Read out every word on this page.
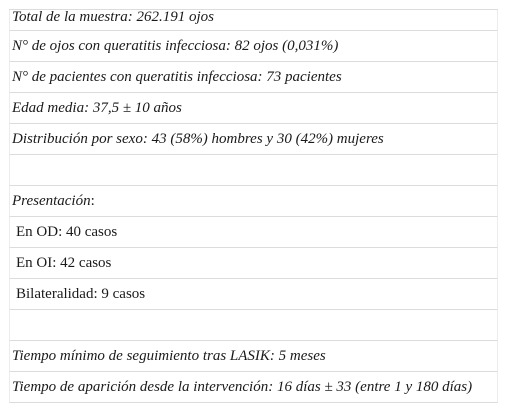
Total de la muestra: 262.191 ojos
N° de ojos con queratitis infecciosa: 82 ojos (0,031%)
N° de pacientes con queratitis infecciosa: 73 pacientes
Edad media: 37,5 ± 10 años
Distribución por sexo: 43 (58%) hombres y 30 (42%) mujeres
Presentación :
En OD: 40 casos
En OI: 42 casos
Bilateralidad: 9 casos
Tiempo mínimo de seguimiento tras LASIK: 5 meses
Tiempo de aparición desde la intervención: 16 días ± 33 (entre 1 y 180 días)
